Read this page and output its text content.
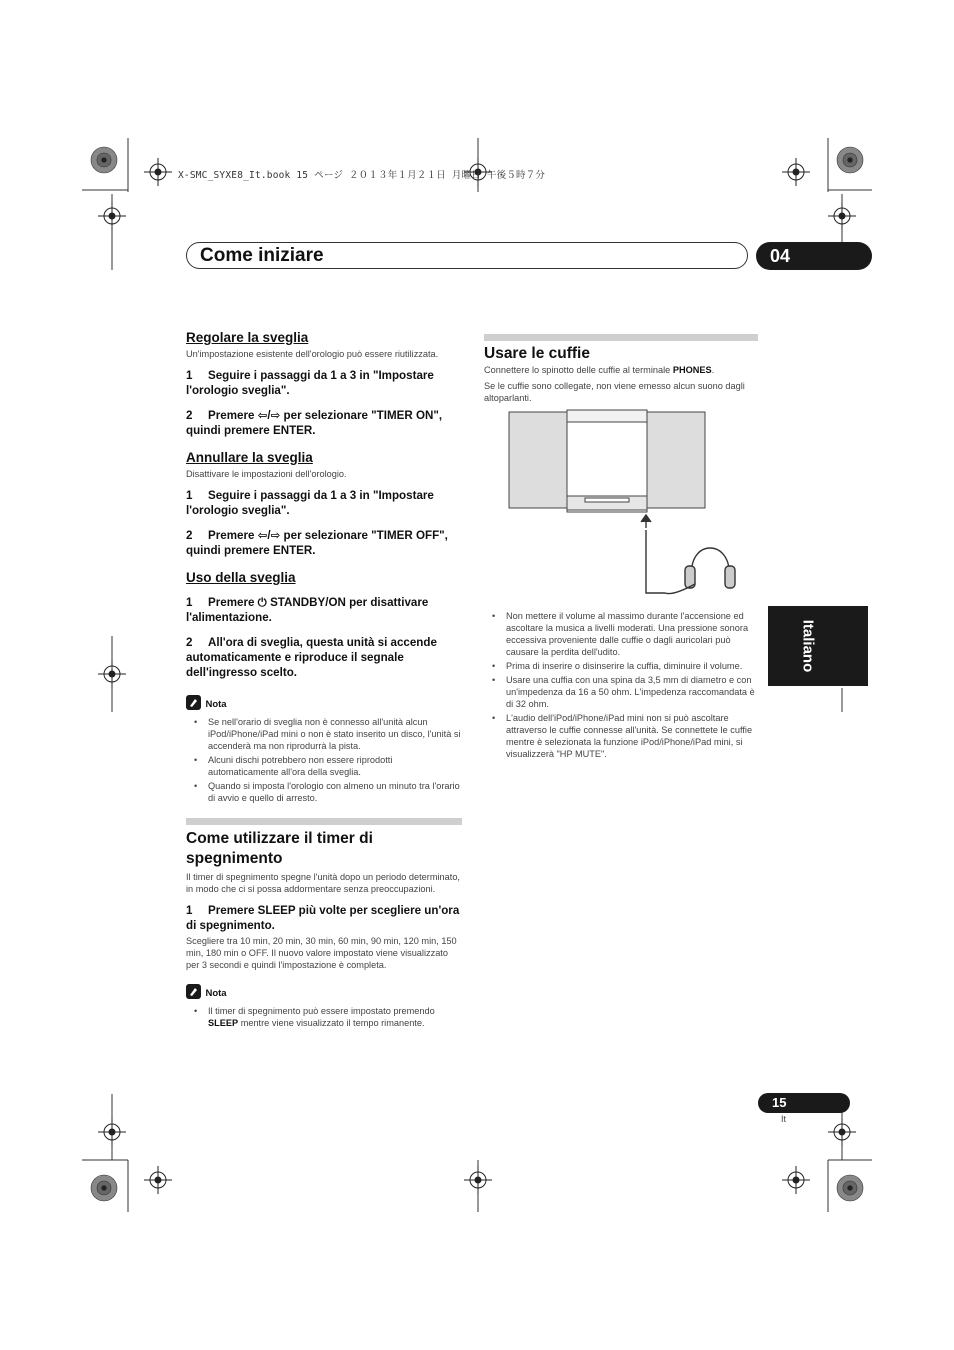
X-SMC_SYXE8_It.book 15 ページ ２０１３年１月２１日 月曜日 午後５時７分
Come iniziare	04
Italiano
Regolare la sveglia
Un'impostazione esistente dell'orologio può essere riutilizzata.
1 Seguire i passaggi da 1 a 3 in "Impostare l'orologio sveglia".
2 Premere ⇦/⇨ per selezionare "TIMER ON", quindi premere ENTER.
Annullare la sveglia
Disattivare le impostazioni dell'orologio.
1 Seguire i passaggi da 1 a 3 in "Impostare l'orologio sveglia".
2 Premere ⇦/⇨ per selezionare "TIMER OFF", quindi premere ENTER.
Uso della sveglia
1 Premere ⏻ STANDBY/ON per disattivare l'alimentazione.
2 All'ora di sveglia, questa unità si accende automaticamente e riproduce il segnale dell'ingresso scelto.
Nota
• Se nell'orario di sveglia non è connesso all'unità alcun iPod/iPhone/iPad mini o non è stato inserito un disco, l'unità si accenderà ma non riprodurrà la pista.
• Alcuni dischi potrebbero non essere riprodotti automaticamente all'ora della sveglia.
• Quando si imposta l'orologio con almeno un minuto tra l'orario di avvio e quello di arresto.
Come utilizzare il timer di spegnimento
Il timer di spegnimento spegne l'unità dopo un periodo determinato, in modo che ci si possa addormentare senza preoccupazioni.
1 Premere SLEEP più volte per scegliere un'ora di spegnimento.
Scegliere tra 10 min, 20 min, 30 min, 60 min, 90 min, 120 min, 150 min, 180 min o OFF. Il nuovo valore impostato viene visualizzato per 3 secondi e quindi l'impostazione è completa.
Nota
• Il timer di spegnimento può essere impostato premendo SLEEP mentre viene visualizzato il tempo rimanente.
Usare le cuffie
Connettere lo spinotto delle cuffie al terminale PHONES.
Se le cuffie sono collegate, non viene emesso alcun suono dagli altoparlanti.
• Non mettere il volume al massimo durante l'accensione ed ascoltare la musica a livelli moderati. Una pressione sonora eccessiva proveniente dalle cuffie o dagli auricolari può causare la perdita dell'udito.
• Prima di inserire o disinserire la cuffia, diminuire il volume.
• Usare una cuffia con una spina da 3,5 mm di diametro e con un'impedenza da 16 a 50 ohm. L'impedenza raccomandata è di 32 ohm.
• L'audio dell'iPod/iPhone/iPad mini non si può ascoltare attraverso le cuffie connesse all'unità. Se connettete le cuffie mentre è selezionata la funzione iPod/iPhone/iPad mini, si visualizzerà "HP MUTE".
15
It
